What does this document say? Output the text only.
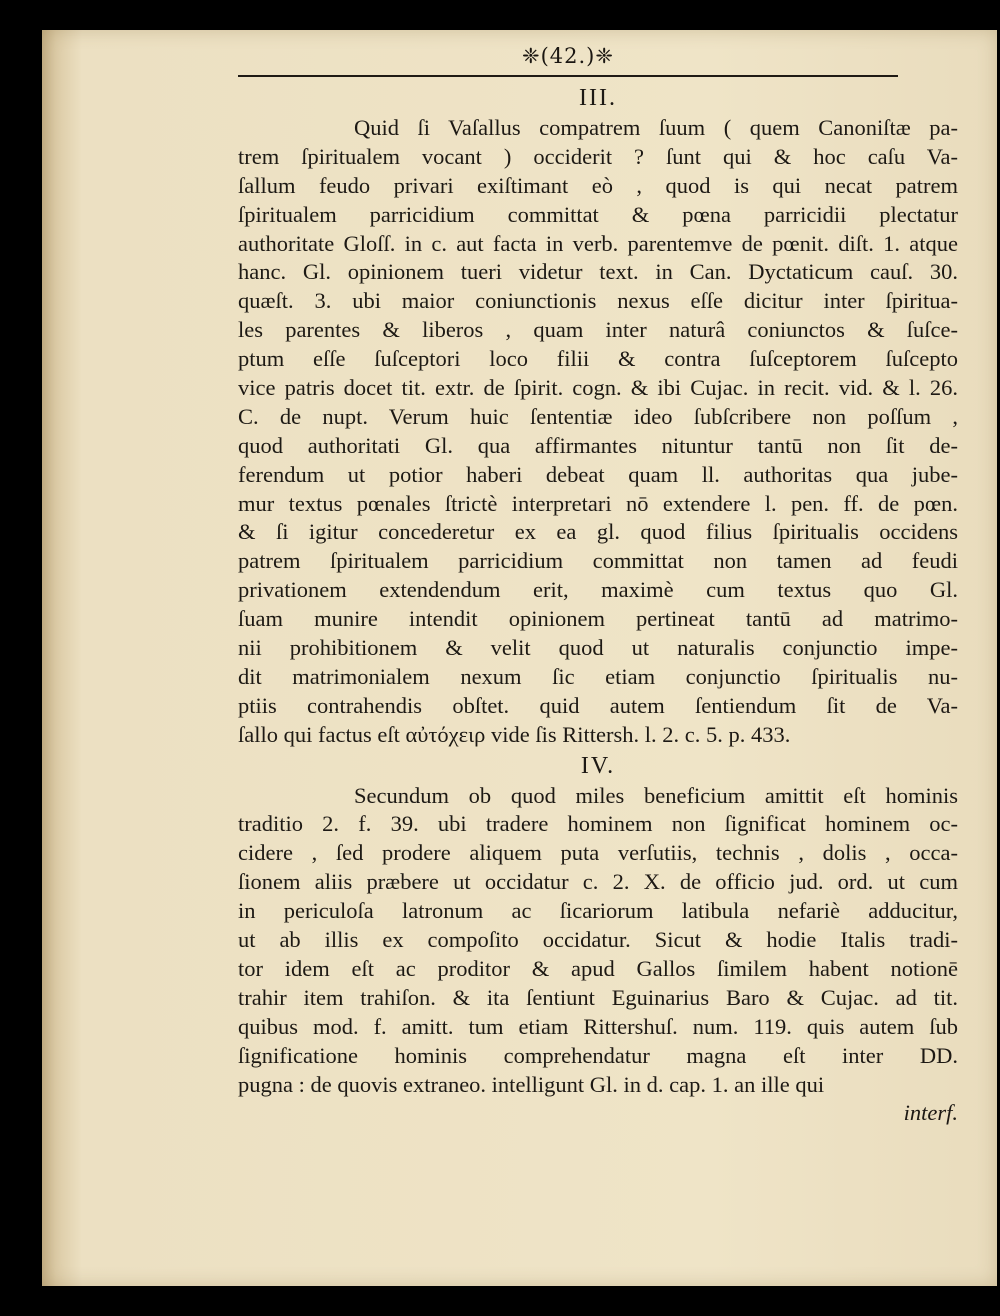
❈(42.)❈
III.
Quid ſi Vaſallus compatrem ſuum ( quem Canoniſtæ pa-
trem ſpiritualem vocant ) occiderit ? ſunt qui & hoc caſu Va-
ſallum feudo privari exiſtimant eò , quod is qui necat patrem
ſpiritualem parricidium committat & pœna parricidii plectatur
authoritate Gloſſ. in c. aut facta in verb. parentemve de pœnit. diſt. 1. atque
hanc. Gl. opinionem tueri videtur text. in Can. Dyctaticum cauſ. 30.
quæſt. 3. ubi maior coniunctionis nexus eſſe dicitur inter ſpiritua-
les parentes & liberos , quam inter naturâ coniunctos & ſuſce-
ptum eſſe ſuſceptori loco filii & contra ſuſceptorem ſuſcepto
vice patris docet tit. extr. de ſpirit. cogn. & ibi Cujac. in recit. vid. & l. 26.
C. de nupt. Verum huic ſententiæ ideo ſubſcribere non poſſum ,
quod authoritati Gl. qua affirmantes nituntur tantū non ſit de-
ferendum ut potior haberi debeat quam ll. authoritas qua jube-
mur textus pœnales ſtrictè interpretari nō extendere l. pen. ff. de pœn.
& ſi igitur concederetur ex ea gl. quod filius ſpiritualis occidens
patrem ſpiritualem parricidium committat non tamen ad feudi
privationem extendendum erit, maximè cum textus quo Gl.
ſuam munire intendit opinionem pertineat tantū ad matrimo-
nii prohibitionem & velit quod ut naturalis conjunctio impe-
dit matrimonialem nexum ſic etiam conjunctio ſpiritualis nu-
ptiis contrahendis obſtet. quid autem ſentiendum ſit de Va-
ſallo qui factus eſt αὐτόχειρ vide ſis Rittersh. l. 2. c. 5. p. 433.
IV.
Secundum ob quod miles beneficium amittit eſt hominis
traditio 2. f. 39. ubi tradere hominem non ſignificat hominem oc-
cidere , ſed prodere aliquem puta verſutiis, technis , dolis , occa-
ſionem aliis præbere ut occidatur c. 2. X. de officio jud. ord. ut cum
in periculoſa latronum ac ſicariorum latibula nefariè adducitur,
ut ab illis ex compoſito occidatur. Sicut & hodie Italis tradi-
tor idem eſt ac proditor & apud Gallos ſimilem habent notionē
trahir item trahiſon. & ita ſentiunt Eguinarius Baro & Cujac. ad tit.
quibus mod. f. amitt. tum etiam Rittershuſ. num. 119. quis autem ſub
ſignificatione hominis comprehendatur magna eſt inter DD.
pugna : de quovis extraneo. intelligunt Gl. in d. cap. 1. an ille qui
interf.
